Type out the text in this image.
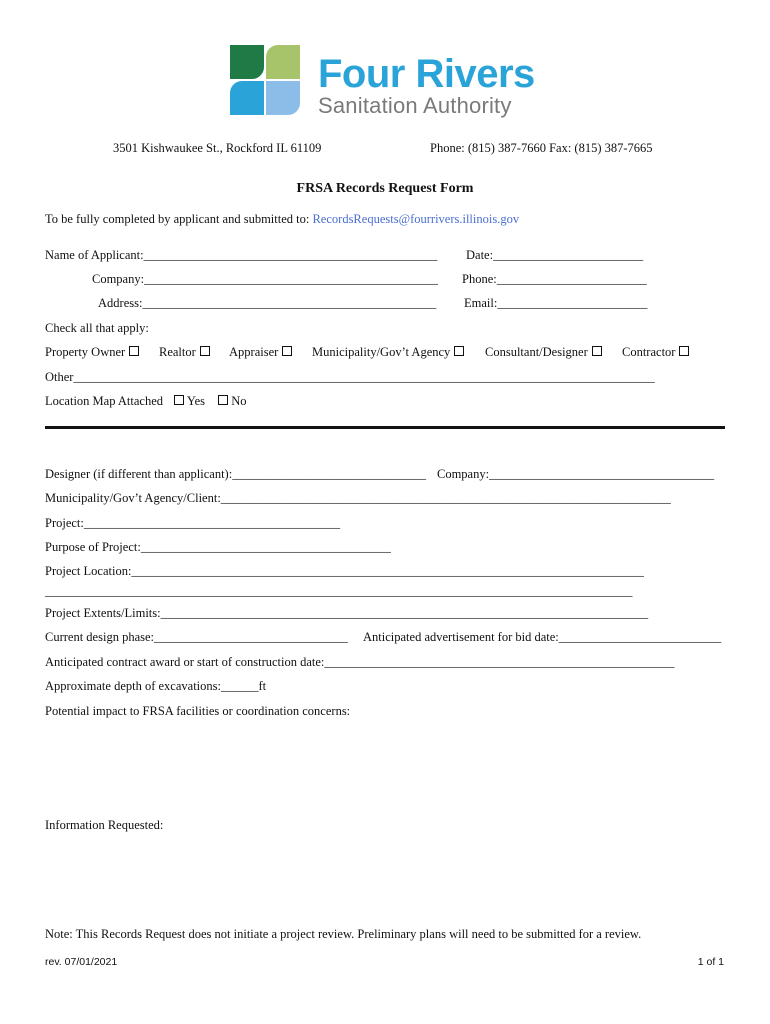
Four Rivers
Sanitation Authority
3501 Kishwaukee St., Rockford IL 61109	Phone: (815) 387-7660 Fax: (815) 387-7665
FRSA Records Request Form
To be fully completed by applicant and submitted to: RecordsRequests@fourrivers.illinois.gov
Name of Applicant:_______________________________________________ Date:________________________
Company:_______________________________________________ Phone:________________________
Address:_______________________________________________ Email:________________________
Check all that apply:
Property Owner	Realtor	Appraiser	Municipality/Gov’t Agency	Consultant/Designer	Contractor
Other_____________________________________________________________________________________________
Location Map Attached Yes No
Designer (if different than applicant):_______________________________ Company:____________________________________
Municipality/Gov’t Agency/Client:________________________________________________________________________
Project:_________________________________________
Purpose of Project:________________________________________
Project Location:__________________________________________________________________________________
______________________________________________________________________________________________
Project Extents/Limits:______________________________________________________________________________
Current design phase:_______________________________ Anticipated advertisement for bid date:__________________________
Anticipated contract award or start of construction date:________________________________________________________
Approximate depth of excavations:______ft
Potential impact to FRSA facilities or coordination concerns:
Information Requested:
Note: This Records Request does not initiate a project review. Preliminary plans will need to be submitted for a review.
rev. 07/01/2021	1 of 1
